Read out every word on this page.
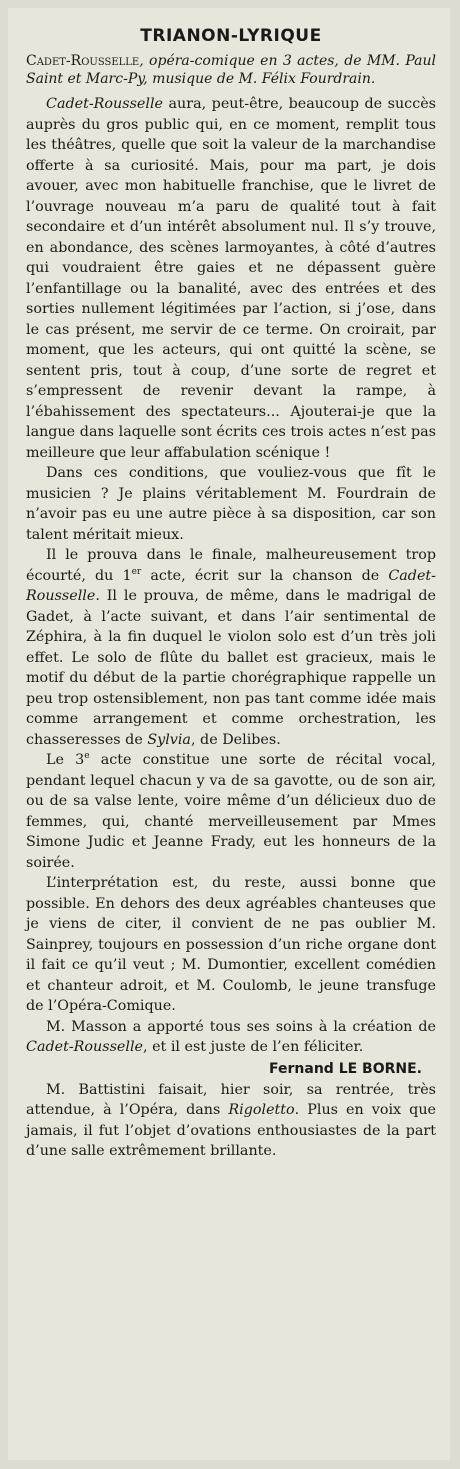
TRIANON-LYRIQUE
Cadet-Rousselle, opéra-comique en 3 actes, de MM. Paul Saint et Marc-Py, musique de M. Félix Fourdrain.

Cadet-Rousselle aura, peut-être, beaucoup de succès auprès du gros public qui, en ce moment, remplit tous les théâtres, quelle que soit la valeur de la marchandise offerte à sa curiosité. Mais, pour ma part, je dois avouer, avec mon habituelle franchise, que le livret de l’ouvrage nouveau m’a paru de qualité tout à fait secondaire et d’un intérêt absolument nul. Il s’y trouve, en abondance, des scènes larmoyantes, à côté d’autres qui voudraient être gaies et ne dépassent guère l’enfantillage ou la banalité, avec des entrées et des sorties nullement légitimées par l’action, si j’ose, dans le cas présent, me servir de ce terme. On croirait, par moment, que les acteurs, qui ont quitté la scène, se sentent pris, tout à coup, d’une sorte de regret et s’empressent de revenir devant la rampe, à l’ébahissement des spectateurs... Ajouterai-je que la langue dans laquelle sont écrits ces trois actes n’est pas meilleure que leur affabulation scénique !

Dans ces conditions, que vouliez-vous que fît le musicien ? Je plains véritablement M. Fourdrain de n’avoir pas eu une autre pièce à sa disposition, car son talent méritait mieux.

Il le prouva dans le finale, malheureusement trop écourté, du 1er acte, écrit sur la chanson de Cadet-Rousselle. Il le prouva, de même, dans le madrigal de Gadet, à l’acte suivant, et dans l’air sentimental de Zéphira, à la fin duquel le violon solo est d’un très joli effet. Le solo de flûte du ballet est gracieux, mais le motif du début de la partie chorégraphique rappelle un peu trop ostensiblement, non pas tant comme idée mais comme arrangement et comme orchestration, les chasseresses de Sylvia, de Delibes.

Le 3e acte constitue une sorte de récital vocal, pendant lequel chacun y va de sa gavotte, ou de son air, ou de sa valse lente, voire même d’un délicieux duo de femmes, qui, chanté merveilleusement par Mmes Simone Judic et Jeanne Frady, eut les honneurs de la soirée.

L’interprétation est, du reste, aussi bonne que possible. En dehors des deux agréables chanteuses que je viens de citer, il convient de ne pas oublier M. Sainprey, toujours en possession d’un riche organe dont il fait ce qu’il veut ; M. Dumontier, excellent comédien et chanteur adroit, et M. Coulomb, le jeune transfuge de l’Opéra-Comique.

M. Masson a apporté tous ses soins à la création de Cadet-Rousselle, et il est juste de l’en féliciter.

Fernand LE BORNE.

M. Battistini faisait, hier soir, sa rentrée, très attendue, à l’Opéra, dans Rigoletto. Plus en voix que jamais, il fut l’objet d’ovations enthousiastes de la part d’une salle extrêmement brillante.
